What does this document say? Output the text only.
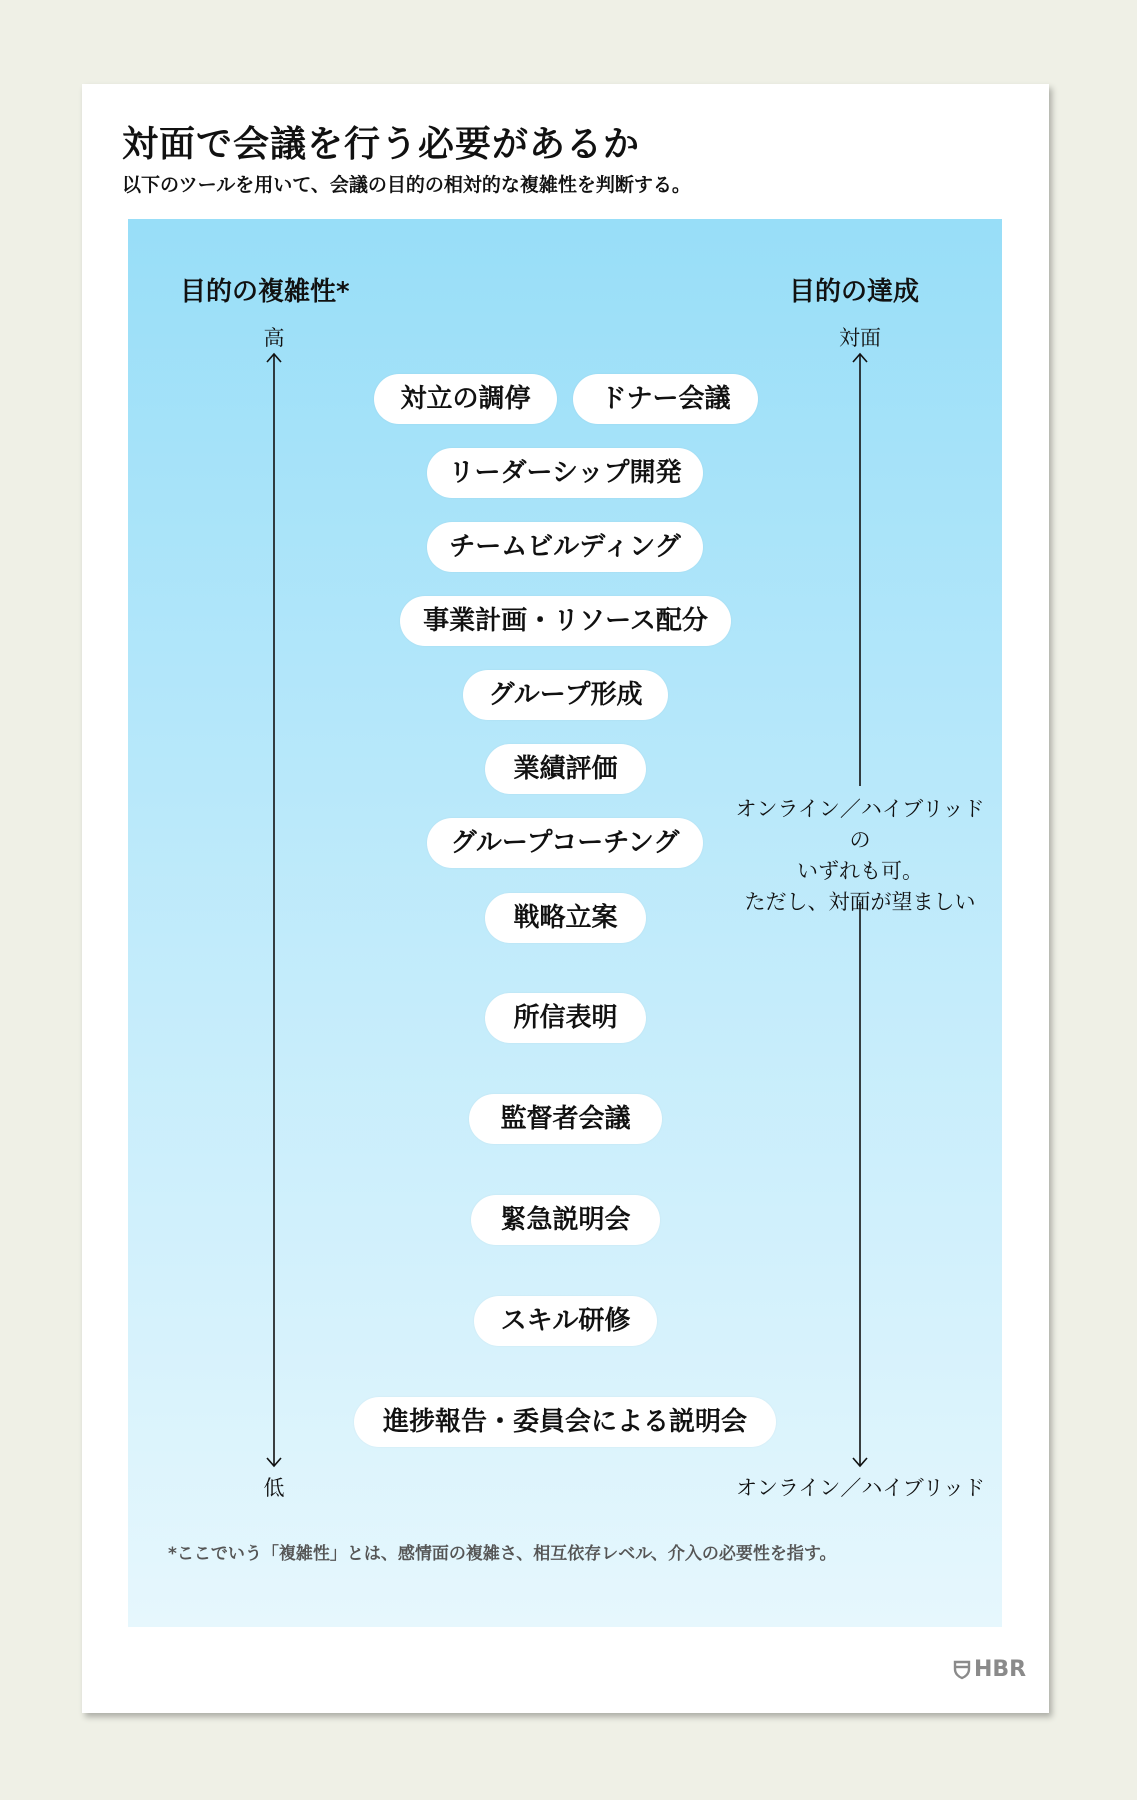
対面で会議を行う必要があるか
以下のツールを用いて、会議の目的の相対的な複雑性を判断する。
目的の複雑性*
高
低
目的の達成
対面
オンライン／ハイブリッドの
いずれも可。
ただし、対面が望ましい
オンライン／ハイブリッド
対立の調停	ドナー会議
リーダーシップ開発
チームビルディング
事業計画・リソース配分
グループ形成
業績評価
グループコーチング
戦略立案
所信表明
監督者会議
緊急説明会
スキル研修
進捗報告・委員会による説明会
*ここでいう「複雑性」とは、感情面の複雑さ、相互依存レベル、介入の必要性を指す。
HBR
